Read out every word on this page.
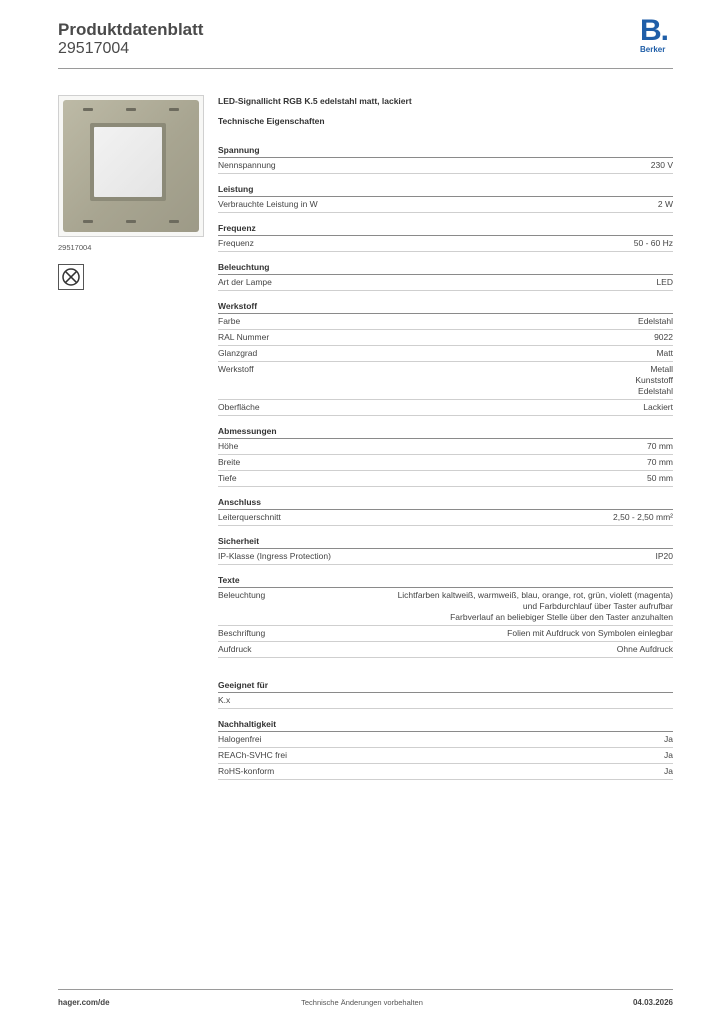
Produktdatenblatt
29517004
B.
Berker
29517004
LED-Signallicht RGB K.5 edelstahl matt, lackiert
Technische Eigenschaften
Spannung
Nennspannung	230 V
Leistung
Verbrauchte Leistung in W	2 W
Frequenz
Frequenz	50 - 60 Hz
Beleuchtung
Art der Lampe	LED
Werkstoff
Farbe	Edelstahl
RAL Nummer	9022
Glanzgrad	Matt
Werkstoff	Metall
Kunststoff
Edelstahl
Oberfläche	Lackiert
Abmessungen
Höhe	70 mm
Breite	70 mm
Tiefe	50 mm
Anschluss
Leiterquerschnitt	2,50 - 2,50 mm²
Sicherheit
IP-Klasse (Ingress Protection)	IP20
Texte
Beleuchtung	Lichtfarben kaltweiß, warmweiß, blau, orange, rot, grün, violett (magenta)
und Farbdurchlauf über Taster aufrufbar
Farbverlauf an beliebiger Stelle über den Taster anzuhalten
Beschriftung	Folien mit Aufdruck von Symbolen einlegbar
Aufdruck	Ohne Aufdruck
Geeignet für
K.x
Nachhaltigkeit
Halogenfrei	Ja
REACh-SVHC frei	Ja
RoHS-konform	Ja
hager.com/de	Technische Änderungen vorbehalten	04.03.2026
